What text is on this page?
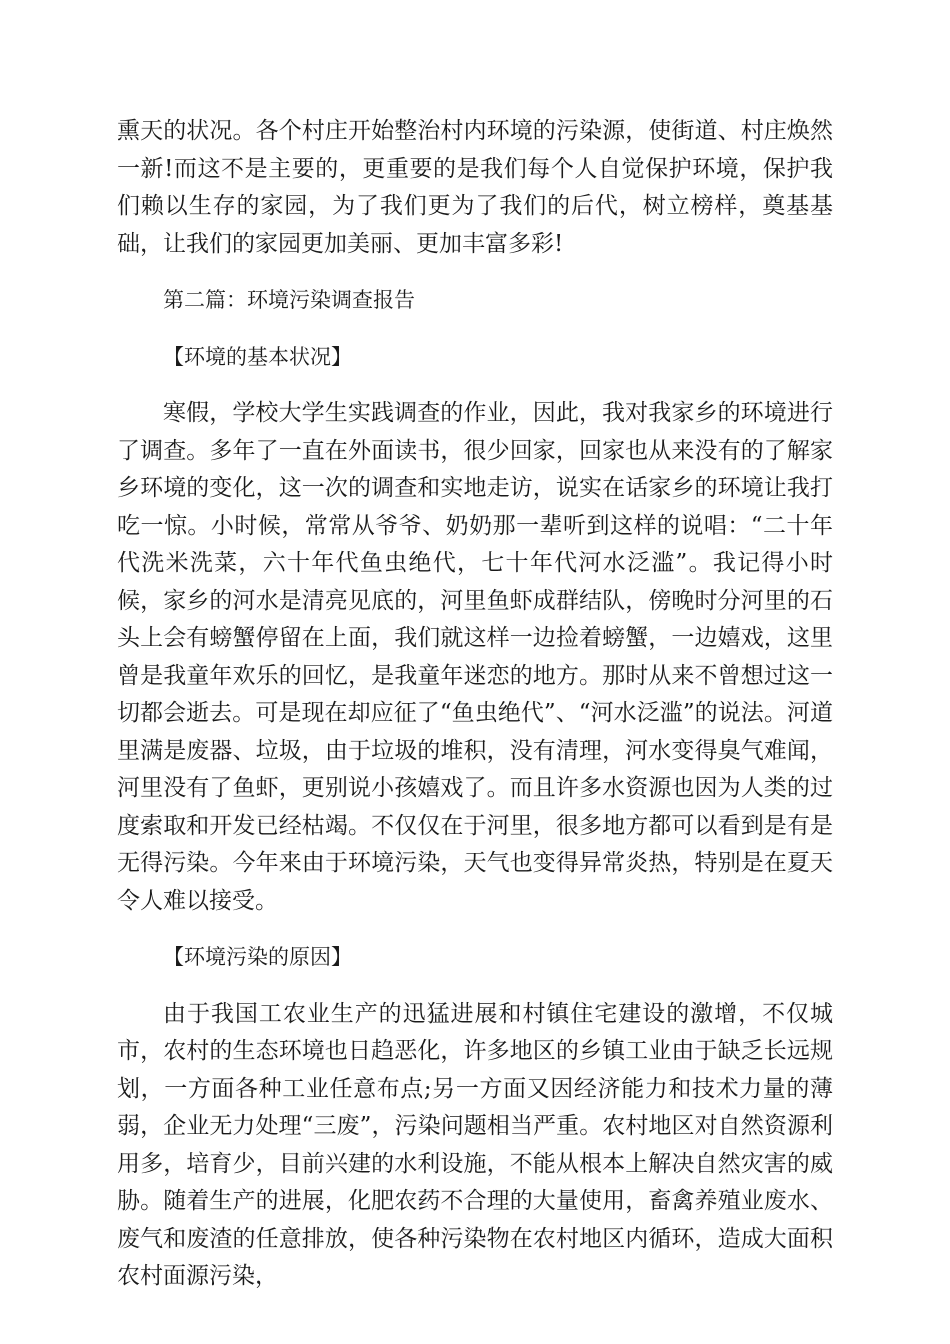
熏天的状况。各个村庄开始整治村内环境的污染源，使街道、村庄焕然一新!而这不是主要的，更重要的是我们每个人自觉保护环境，保护我们赖以生存的家园，为了我们更为了我们的后代，树立榜样，奠基基础，让我们的家园更加美丽、更加丰富多彩!

第二篇：环境污染调查报告

【环境的基本状况】

寒假，学校大学生实践调查的作业，因此，我对我家乡的环境进行了调查。多年了一直在外面读书，很少回家，回家也从来没有的了解家乡环境的变化，这一次的调查和实地走访，说实在话家乡的环境让我打吃一惊。小时候，常常从爷爷、奶奶那一辈听到这样的说唱：“二十年代洗米洗菜，六十年代鱼虫绝代，七十年代河水泛滥”。我记得小时候，家乡的河水是清亮见底的，河里鱼虾成群结队，傍晚时分河里的石头上会有螃蟹停留在上面，我们就这样一边捡着螃蟹，一边嬉戏，这里曾是我童年欢乐的回忆，是我童年迷恋的地方。那时从来不曾想过这一切都会逝去。可是现在却应征了“鱼虫绝代”、“河水泛滥”的说法。河道里满是废器、垃圾，由于垃圾的堆积，没有清理，河水变得臭气难闻，河里没有了鱼虾，更别说小孩嬉戏了。而且许多水资源也因为人类的过度索取和开发已经枯竭。不仅仅在于河里，很多地方都可以看到是有是无得污染。今年来由于环境污染，天气也变得异常炎热，特别是在夏天令人难以接受。

【环境污染的原因】

由于我国工农业生产的迅猛进展和村镇住宅建设的激增，不仅城市，农村的生态环境也日趋恶化，许多地区的乡镇工业由于缺乏长远规划，一方面各种工业任意布点;另一方面又因经济能力和技术力量的薄弱，企业无力处理“三废”，污染问题相当严重。农村地区对自然资源利用多，培育少，目前兴建的水利设施，不能从根本上解决自然灾害的威胁。随着生产的进展，化肥农药不合理的大量使用，畜禽养殖业废水、废气和废渣的任意排放，使各种污染物在农村地区内循环，造成大面积农村面源污染，
